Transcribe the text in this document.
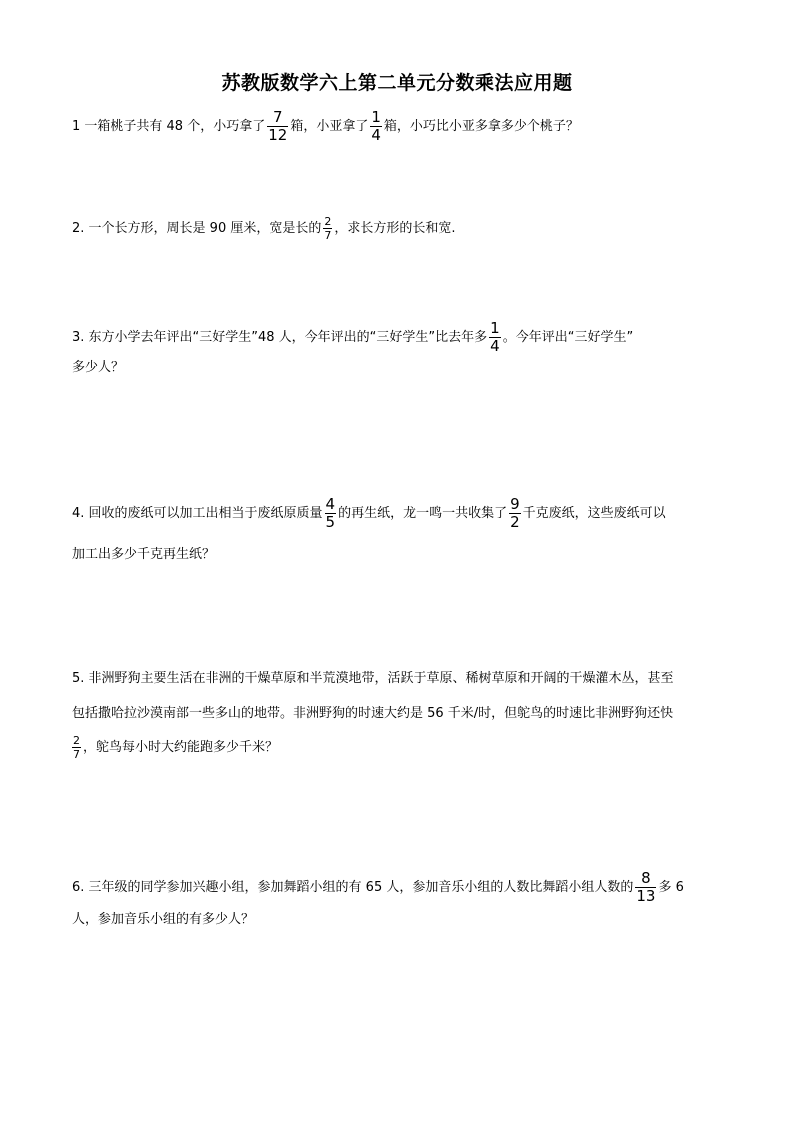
苏教版数学六上第二单元分数乘法应用题
1 一箱桃子共有 48 个，小巧拿了 $\frac{7}{12}$ 箱，小亚拿了 $\frac{1}{4}$ 箱，小巧比小亚多拿多少个桃子？
2. 一个长方形，周长是 90 厘米，宽是长的 $\frac{2}{7}$ ，求长方形的长和宽.
3. 东方小学去年评出“三好学生”48 人，今年评出的“三好学生”比去年多 $\frac{1}{4}$ 。今年评出“三好学生”
多少人？
4. 回收的废纸可以加工出相当于废纸原质量 $\frac{4}{5}$ 的再生纸，龙一鸣一共收集了 $\frac{9}{2}$ 千克废纸，这些废纸可以
加工出多少千克再生纸？
5. 非洲野狗主要生活在非洲的干燥草原和半荒漠地带，活跃于草原、稀树草原和开阔的干燥灌木丛，甚至
包括撒哈拉沙漠南部一些多山的地带。非洲野狗的时速大约是 56 千米/时，但鸵鸟的时速比非洲野狗还快
$\frac{2}{7}$ ，鸵鸟每小时大约能跑多少千米？
6. 三年级的同学参加兴趣小组，参加舞蹈小组的有 65 人，参加音乐小组的人数比舞蹈小组人数的 $\frac{8}{13}$ 多 6
人，参加音乐小组的有多少人？
